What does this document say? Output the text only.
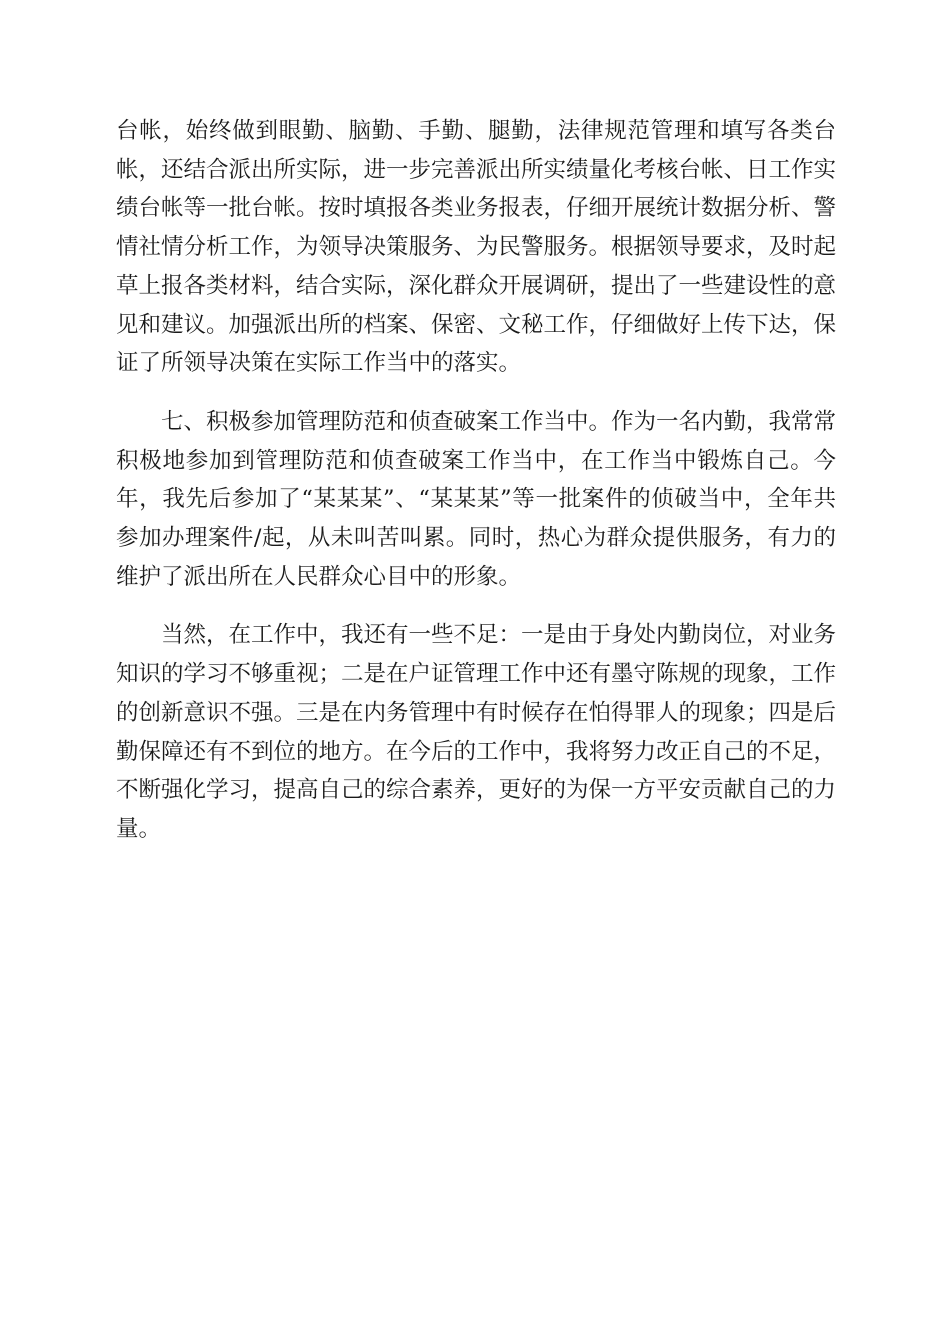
台帐，始终做到眼勤、脑勤、手勤、腿勤，法律规范管理和填写各类台帐，还结合派出所实际，进一步完善派出所实绩量化考核台帐、日工作实绩台帐等一批台帐。按时填报各类业务报表，仔细开展统计数据分析、警情社情分析工作，为领导决策服务、为民警服务。根据领导要求，及时起草上报各类材料，结合实际，深化群众开展调研，提出了一些建设性的意见和建议。加强派出所的档案、保密、文秘工作，仔细做好上传下达，保证了所领导决策在实际工作当中的落实。

七、积极参加管理防范和侦查破案工作当中。作为一名内勤，我常常积极地参加到管理防范和侦查破案工作当中，在工作当中锻炼自己。今年，我先后参加了“某某某”、“某某某”等一批案件的侦破当中，全年共参加办理案件/起，从未叫苦叫累。同时，热心为群众提供服务，有力的维护了派出所在人民群众心目中的形象。

当然，在工作中，我还有一些不足：一是由于身处内勤岗位，对业务知识的学习不够重视；二是在户证管理工作中还有墨守陈规的现象，工作的创新意识不强。三是在内务管理中有时候存在怕得罪人的现象；四是后勤保障还有不到位的地方。在今后的工作中，我将努力改正自己的不足，不断强化学习，提高自己的综合素养，更好的为保一方平安贡献自己的力量。
